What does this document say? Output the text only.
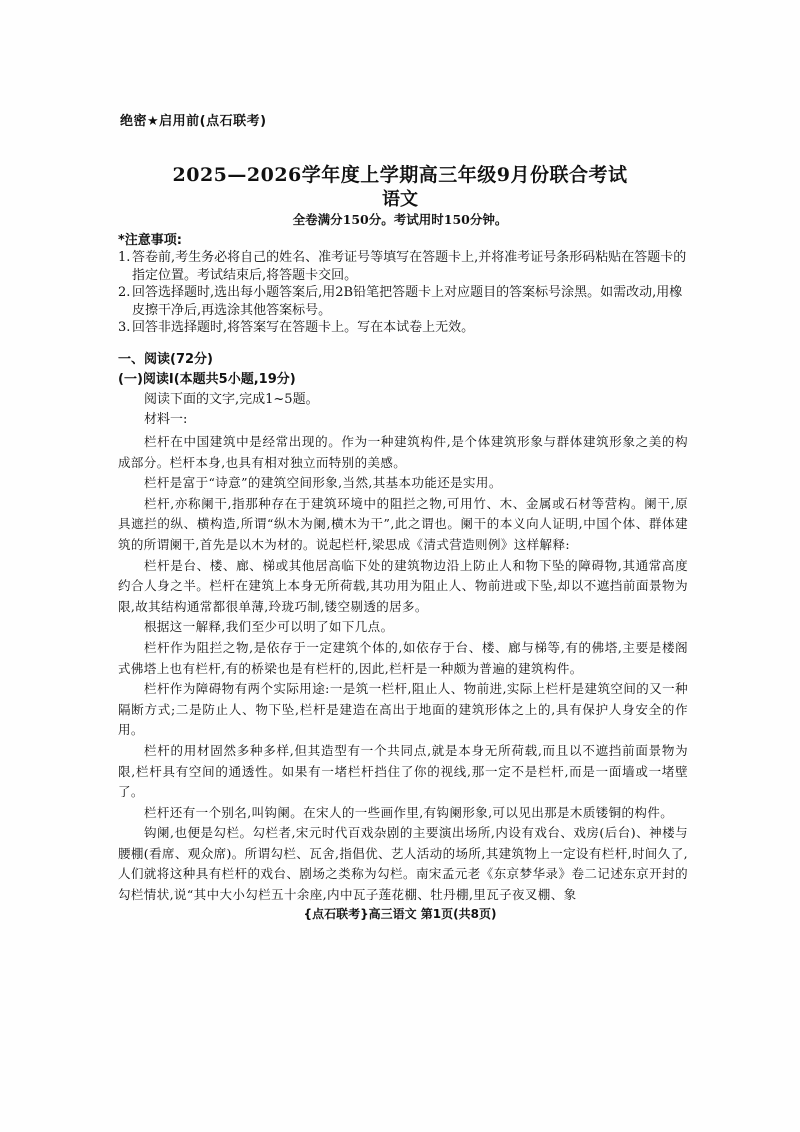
绝密★启用前(点石联考)
2025—2026学年度上学期高三年级9月份联合考试
语文
全卷满分150分。考试用时150分钟。
*注意事项:
1. 答卷前,考生务必将自己的姓名、准考证号等填写在答题卡上,并将准考证号条形码粘贴在答题卡的指定位置。考试结束后,将答题卡交回。
2. 回答选择题时,选出每小题答案后,用2B铅笔把答题卡上对应题目的答案标号涂黑。如需改动,用橡皮擦干净后,再选涂其他答案标号。
3. 回答非选择题时,将答案写在答题卡上。写在本试卷上无效。
一、阅读(72分)
(一)阅读Ⅰ(本题共5小题,19分)
阅读下面的文字,完成1~5题。
材料一:

栏杆在中国建筑中是经常出现的。作为一种建筑构件,是个体建筑形象与群体建筑形象之美的构成部分。栏杆本身,也具有相对独立而特别的美感。

栏杆是富于“诗意”的建筑空间形象,当然,其基本功能还是实用。

栏杆,亦称阑干,指那种存在于建筑环境中的阻拦之物,可用竹、木、金属或石材等营构。阑干,原具遮拦的纵、横构造,所谓“纵木为阑,横木为干”,此之谓也。阑干的本义向人证明,中国个体、群体建筑的所谓阑干,首先是以木为材的。说起栏杆,梁思成《清式营造则例》这样解释:

栏杆是台、楼、廊、梯或其他居高临下处的建筑物边沿上防止人和物下坠的障碍物,其通常高度约合人身之半。栏杆在建筑上本身无所荷载,其功用为阻止人、物前进或下坠,却以不遮挡前面景物为限,故其结构通常都很单薄,玲珑巧制,镂空剔透的居多。

根据这一解释,我们至少可以明了如下几点。

栏杆作为阻拦之物,是依存于一定建筑个体的,如依存于台、楼、廊与梯等,有的佛塔,主要是楼阁式佛塔上也有栏杆,有的桥梁也是有栏杆的,因此,栏杆是一种颇为普遍的建筑构件。

栏杆作为障碍物有两个实际用途:一是筑一栏杆,阻止人、物前进,实际上栏杆是建筑空间的又一种隔断方式;二是防止人、物下坠,栏杆是建造在高出于地面的建筑形体之上的,具有保护人身安全的作用。

栏杆的用材固然多种多样,但其造型有一个共同点,就是本身无所荷载,而且以不遮挡前面景物为限,栏杆具有空间的通透性。如果有一堵栏杆挡住了你的视线,那一定不是栏杆,而是一面墙或一堵壁了。

栏杆还有一个别名,叫钩阑。在宋人的一些画作里,有钩阑形象,可以见出那是木质镂铜的构件。

钩阑,也便是勾栏。勾栏者,宋元时代百戏杂剧的主要演出场所,内设有戏台、戏房(后台)、神楼与腰棚(看席、观众席)。所谓勾栏、瓦舍,指倡优、艺人活动的场所,其建筑物上一定设有栏杆,时间久了,人们就将这种具有栏杆的戏台、剧场之类称为勾栏。南宋孟元老《东京梦华录》卷二记述东京开封的勾栏情状,说“其中大小勾栏五十余座,内中瓦子莲花棚、牡丹棚,里瓦子夜叉棚、象

{点石联考}高三语文 第1页(共8页)
